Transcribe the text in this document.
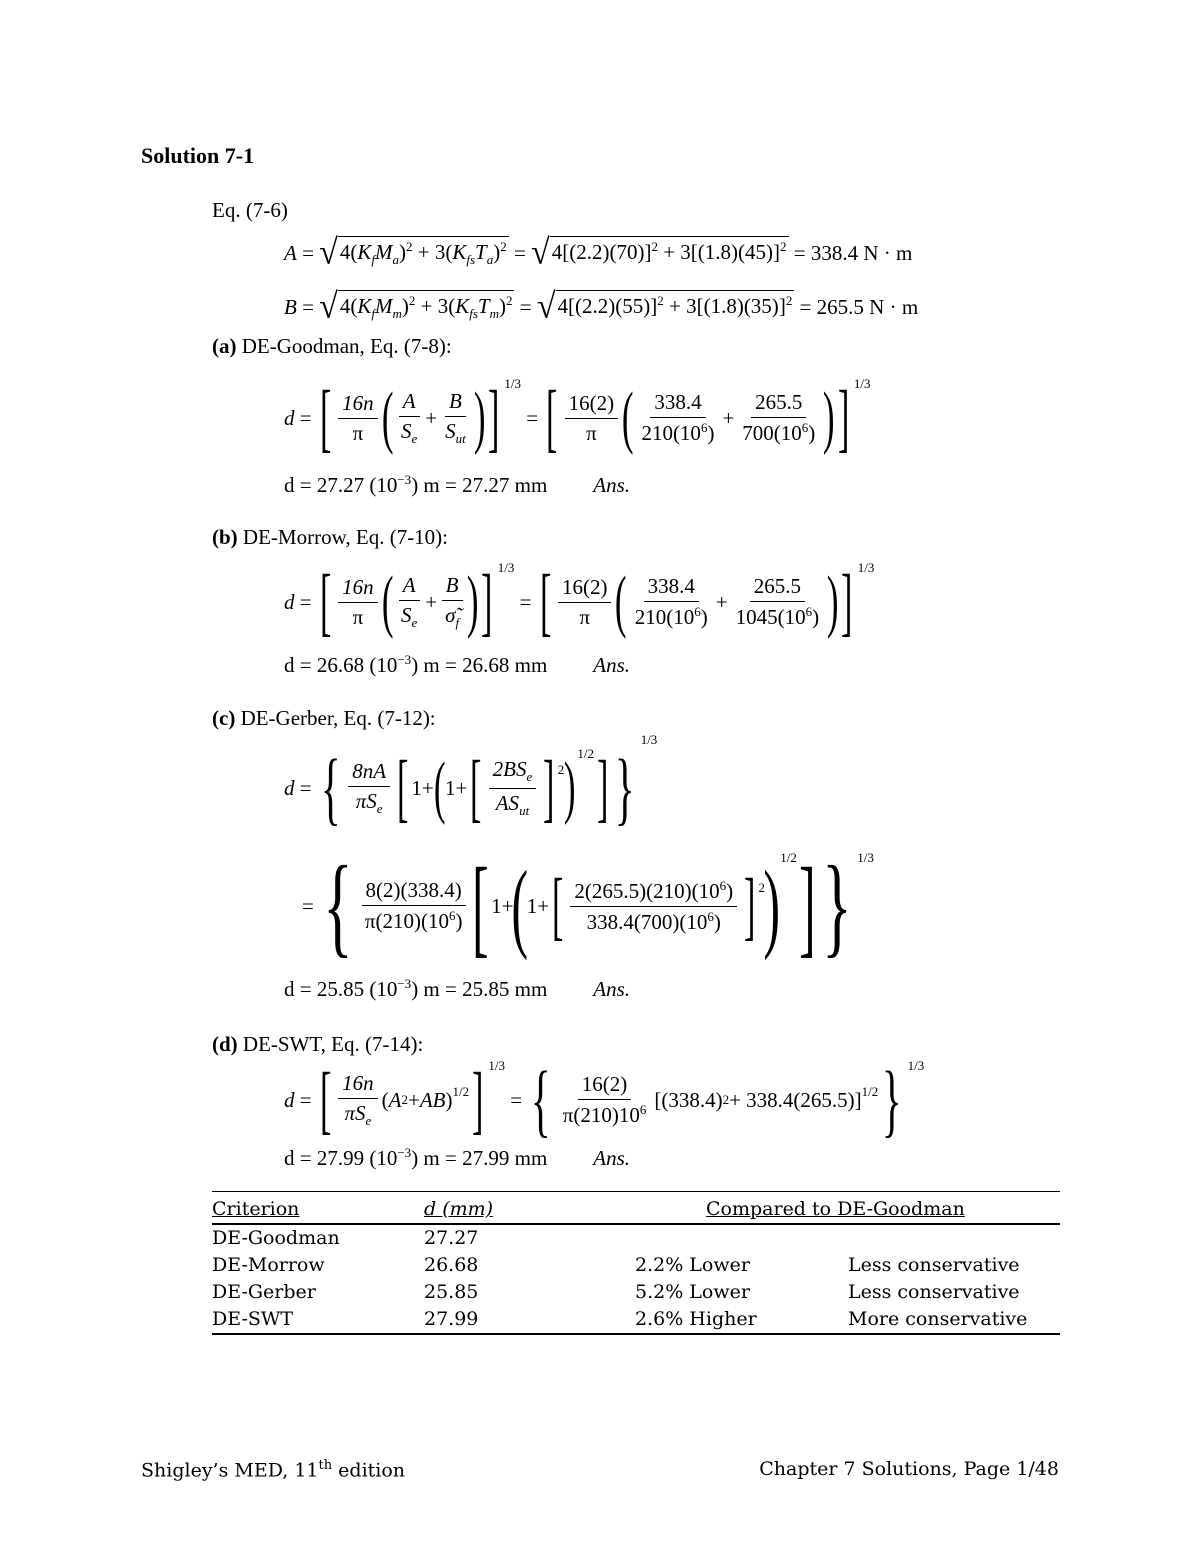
Solution 7-1
Eq. (7-6)
A = √ $4(K_fM_a)^2 + 3(K_{fs}T_a)^2$ = √ $4[(2.2)(70)]^2 + 3[(1.8)(45)]^2$
= 338.4 N · m
B = √ $4(K_fM_m)^2 + 3(K_{fs}T_m)^2$ = √ $4[(2.2)(55)]^2 + 3[(1.8)(35)]^2$
= 265.5 N · m
(a) DE-Goodman, Eq. (7-8):
d = [ $\frac{16n}{\pi}$ ( $\frac{A}{S_e} + \frac{B}{S_{ut}}$ ) ] 1/3
= [ $\frac{16(2)}{\pi}$ ( $\frac{338.4}{210(10^6)} + \frac{265.5}{700(10^6)}$ ) ] 1/3
d = 27.27 $(10^{-3}) m = 27.27$ mm Ans.
(b) DE-Morrow, Eq. (7-10):
d = [ $\frac{16n}{\pi}$ ( $\frac{A}{S_e} + \frac{B}{\sigmã_f}$ ) ] 1/3
= [ $\frac{16(2)}{\pi}$ ( $\frac{338.4}{210(10^6)} + \frac{265.5}{1045(10^6)}$ ) ] 1/3
d = 26.68 $(10^{-3}) m = 26.68$ mm Ans.
(c) DE-Gerber, Eq. (7-12):
d = { $\frac{8nA}{\pi S_e}$ [ 1+ ( 1+ [ $\frac{2BS_e}{AS_{ut}} ]^2$ ) 1/2 ] }
1/3
= { $\frac{8(2)(338.4)}{\pi(210)(10^6)}$ [ 1+
(
1+ [ $\frac{2(265.5)(210)(10^6)}{338.4(700)(10^6)} ]^2$
) 1/2 ] } 1/3
d = 25.85 $(10^{-3}) m = 25.85$ mm Ans.
(d) DE-SWT, Eq. (7-14):
d = [ $\frac{16n}{\pi S_e}$ ( A 2 + AB )$^{1/2}$ ] 1/3
= { $\frac{16(2)}{\pi(210)10^6} [(338.4) 2 + 338.4(265.5)]^{1/2}$ } 1/3
d = 27.99 $(10^{-3}) m = 27.99$ mm Ans.
Criterion	d (mm)	Compared to DE-Goodman
DE-Goodman	27.27
DE-Morrow	26.68	2.2% Lower	Less conservative
DE-Gerber	25.85	5.2% Lower	Less conservative
DE-SWT	27.99	2.6% Higher	More conservative
Shigley’s MED, 11th edition	Chapter 7 Solutions, Page 1/48
